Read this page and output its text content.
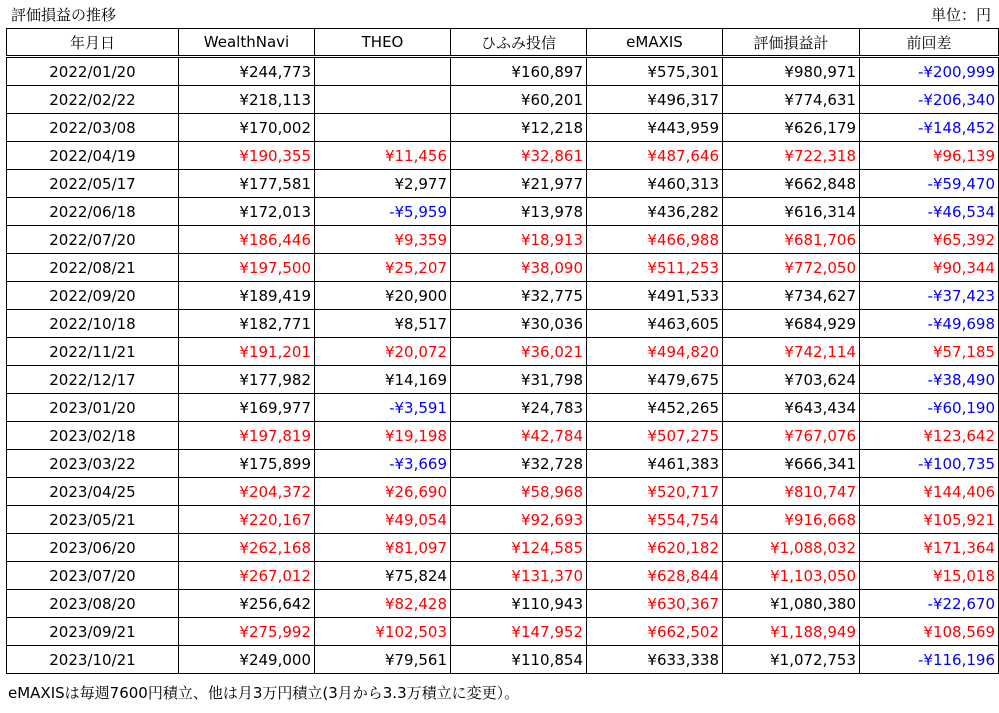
評価損益の推移	単位：円
年月日	WealthNavi	THEO	ひふみ投信	eMAXIS	評価損益計	前回差
2022/01/20	¥244,773		¥160,897	¥575,301	¥980,971	-¥200,999
2022/02/22	¥218,113		¥60,201	¥496,317	¥774,631	-¥206,340
2022/03/08	¥170,002		¥12,218	¥443,959	¥626,179	-¥148,452
2022/04/19	¥190,355	¥11,456	¥32,861	¥487,646	¥722,318	¥96,139
2022/05/17	¥177,581	¥2,977	¥21,977	¥460,313	¥662,848	-¥59,470
2022/06/18	¥172,013	-¥5,959	¥13,978	¥436,282	¥616,314	-¥46,534
2022/07/20	¥186,446	¥9,359	¥18,913	¥466,988	¥681,706	¥65,392
2022/08/21	¥197,500	¥25,207	¥38,090	¥511,253	¥772,050	¥90,344
2022/09/20	¥189,419	¥20,900	¥32,775	¥491,533	¥734,627	-¥37,423
2022/10/18	¥182,771	¥8,517	¥30,036	¥463,605	¥684,929	-¥49,698
2022/11/21	¥191,201	¥20,072	¥36,021	¥494,820	¥742,114	¥57,185
2022/12/17	¥177,982	¥14,169	¥31,798	¥479,675	¥703,624	-¥38,490
2023/01/20	¥169,977	-¥3,591	¥24,783	¥452,265	¥643,434	-¥60,190
2023/02/18	¥197,819	¥19,198	¥42,784	¥507,275	¥767,076	¥123,642
2023/03/22	¥175,899	-¥3,669	¥32,728	¥461,383	¥666,341	-¥100,735
2023/04/25	¥204,372	¥26,690	¥58,968	¥520,717	¥810,747	¥144,406
2023/05/21	¥220,167	¥49,054	¥92,693	¥554,754	¥916,668	¥105,921
2023/06/20	¥262,168	¥81,097	¥124,585	¥620,182	¥1,088,032	¥171,364
2023/07/20	¥267,012	¥75,824	¥131,370	¥628,844	¥1,103,050	¥15,018
2023/08/20	¥256,642	¥82,428	¥110,943	¥630,367	¥1,080,380	-¥22,670
2023/09/21	¥275,992	¥102,503	¥147,952	¥662,502	¥1,188,949	¥108,569
2023/10/21	¥249,000	¥79,561	¥110,854	¥633,338	¥1,072,753	-¥116,196
eMAXISは毎週7600円積立、他は月3万円積立(3月から3.3万積立に変更）。
